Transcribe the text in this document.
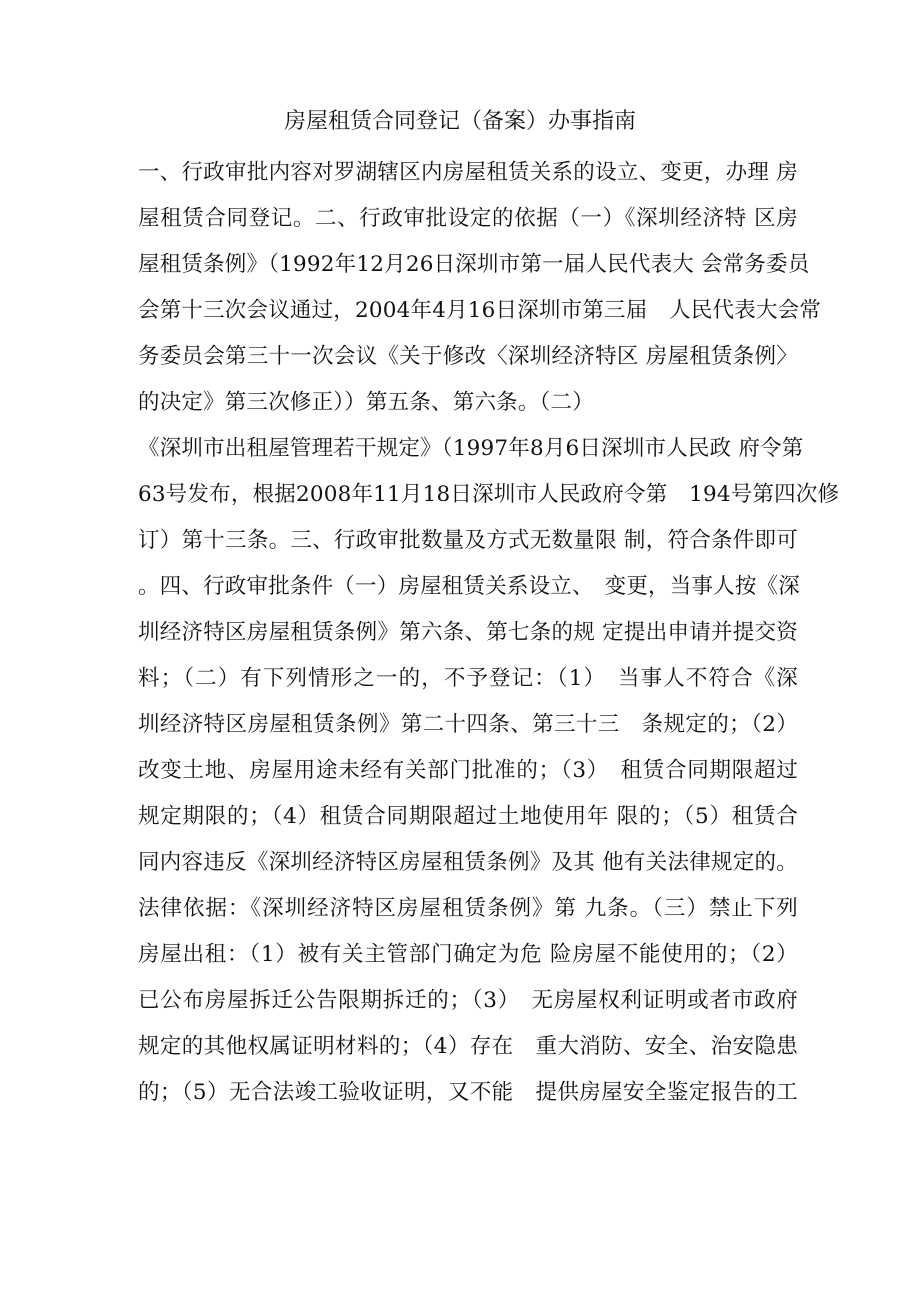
房屋租赁合同登记（备案）办事指南
一、行政审批内容对罗湖辖区内房屋租赁关系的设立、变更，办理 房
屋租赁合同登记。二、行政审批设定的依据（一）《深圳经济特 区房
屋租赁条例》（1992年12月26日深圳市第一届人民代表大 会常务委员
会第十三次会议通过，2004年4月16日深圳市第三届　人民代表大会常
务委员会第三十一次会议《关于修改〈深圳经济特区 房屋租赁条例〉
的决定》第三次修正））第五条、第六条。（二）
《深圳市出租屋管理若干规定》（1997年8月6日深圳市人民政 府令第
63号发布，根据2008年11月18日深圳市人民政府令第　194号第四次修
订）第十三条。三、行政审批数量及方式无数量限 制，符合条件即可
。四、行政审批条件（一）房屋租赁关系设立、　变更，当事人按《深
圳经济特区房屋租赁条例》第六条、第七条的规 定提出申请并提交资
料；（二）有下列情形之一的，不予登记：（1）　当事人不符合《深
圳经济特区房屋租赁条例》第二十四条、第三十三　条规定的；（2）
改变土地、房屋用途未经有关部门批准的；（3）　租赁合同期限超过
规定期限的；（4）租赁合同期限超过土地使用年 限的；（5）租赁合
同内容违反《深圳经济特区房屋租赁条例》及其 他有关法律规定的。
法律依据：《深圳经济特区房屋租赁条例》第 九条。（三）禁止下列
房屋出租：（1）被有关主管部门确定为危 险房屋不能使用的；（2）
已公布房屋拆迁公告限期拆迁的；（3）　无房屋权利证明或者市政府
规定的其他权属证明材料的；（4）存在　重大消防、安全、治安隐患
的；（5）无合法竣工验收证明，又不能　提供房屋安全鉴定报告的工
